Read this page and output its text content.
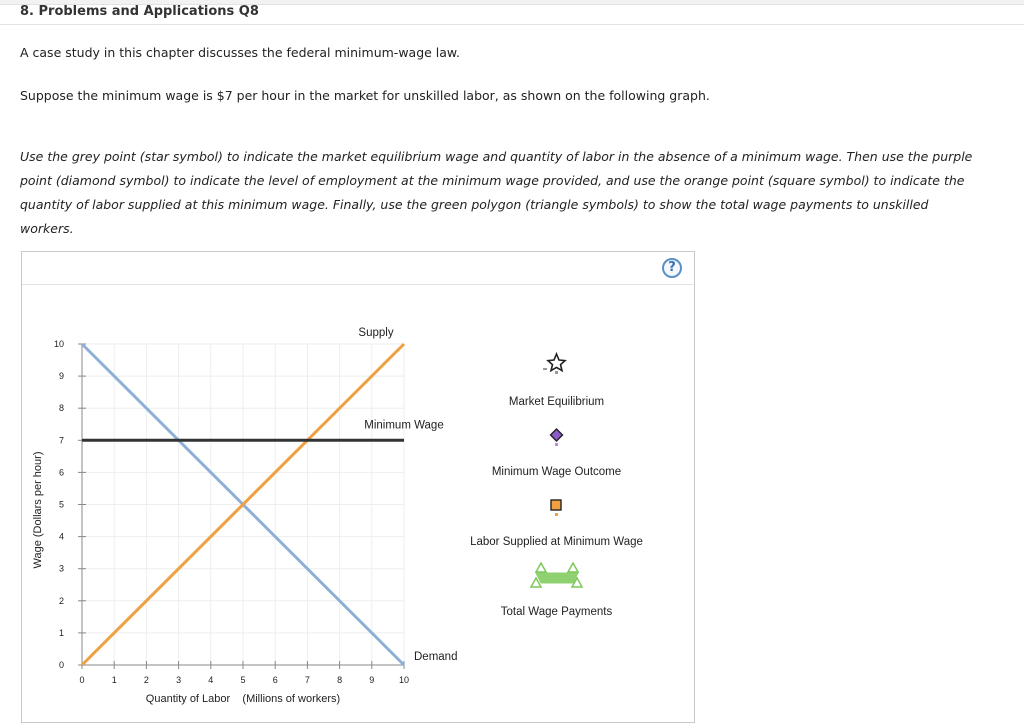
8. Problems and Applications Q8
A case study in this chapter discusses the federal minimum-wage law.
Suppose the minimum wage is $7 per hour in the market for unskilled labor, as shown on the following graph.

Use the grey point (star symbol) to indicate the market equilibrium wage and quantity of labor in the absence of a minimum wage. Then use the purple point (diamond symbol) to indicate the level of employment at the minimum wage provided, and use the orange point (square symbol) to indicate the quantity of labor supplied at this minimum wage. Finally, use the green polygon (triangle symbols) to show the total wage payments to unskilled workers.

?
0	1	2	3	4	5	6	7	8	9	10
0
1
2
3
4
5
6
7
8
9
10
Supply
Minimum Wage
Demand
Quantity of Labor    (Millions of workers)
Wage (Dollars per hour)
Market Equilibrium
Minimum Wage Outcome
Labor Supplied at Minimum Wage
Total Wage Payments
